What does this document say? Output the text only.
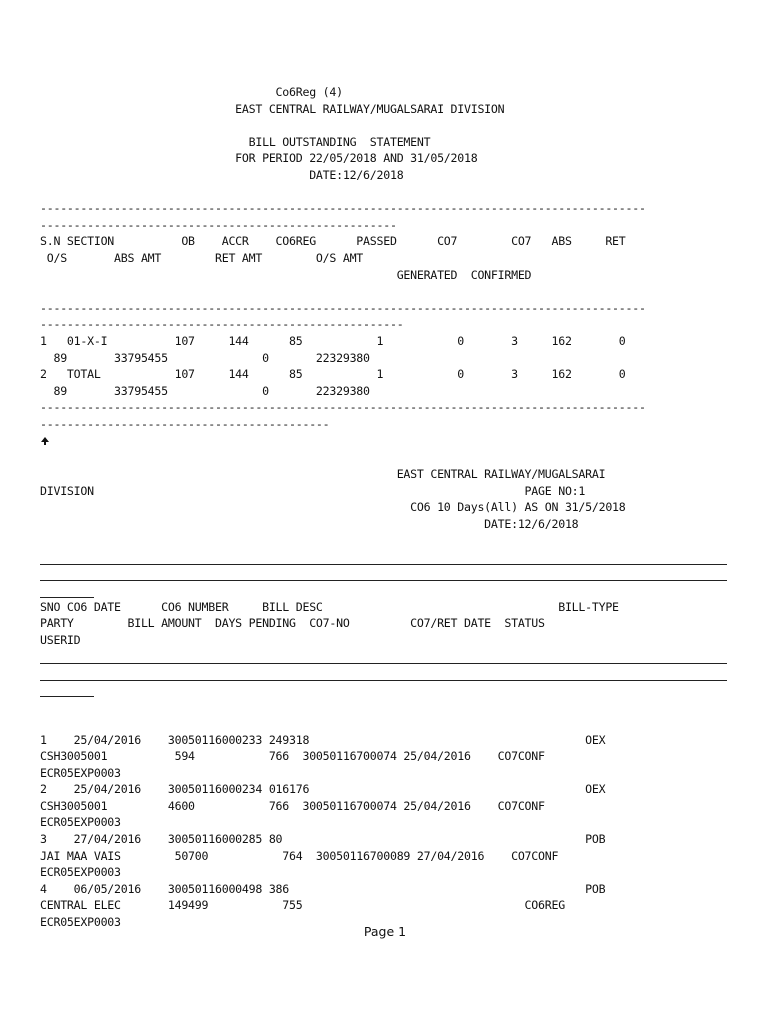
Co6Reg (4)
EAST CENTRAL RAILWAY/MUGALSARAI DIVISION

BILL OUTSTANDING  STATEMENT
FOR PERIOD 22/05/2018 AND 31/05/2018
DATE:12/6/2018

------------------------------------------------------------------------------------------
-----------------------------------------------------
S.N SECTION          OB    ACCR    CO6REG      PASSED      CO7        CO7   ABS     RET
O/S       ABS AMT        RET AMT        O/S AMT
GENERATED  CONFIRMED

------------------------------------------------------------------------------------------
------------------------------------------------------
1   01-X-I          107     144      85           1           0       3     162       0
89       33795455              0       22329380
2   TOTAL           107     144      85           1           0       3     162       0
89       33795455              0       22329380
------------------------------------------------------------------------------------------
-------------------------------------------
EAST CENTRAL RAILWAY/MUGALSARAI
DIVISION                                                                PAGE NO:1
CO6 10 Days(All) AS ON 31/5/2018
DATE:12/6/2018

SNO CO6 DATE      CO6 NUMBER     BILL DESC                                   BILL-TYPE
PARTY        BILL AMOUNT  DAYS PENDING  CO7-NO         CO7/RET DATE  STATUS
USERID

1    25/04/2016    30050116000233 249318                                         OEX
CSH3005001          594           766  30050116700074 25/04/2016    CO7CONF
ECR05EXP0003
2    25/04/2016    30050116000234 016176                                         OEX
CSH3005001         4600           766  30050116700074 25/04/2016    CO7CONF
ECR05EXP0003
3    27/04/2016    30050116000285 80                                             POB
JAI MAA VAIS        50700           764  30050116700089 27/04/2016    CO7CONF
ECR05EXP0003
4    06/05/2016    30050116000498 386                                            POB
CENTRAL ELEC       149499           755                                 CO6REG
ECR05EXP0003
Page 1
